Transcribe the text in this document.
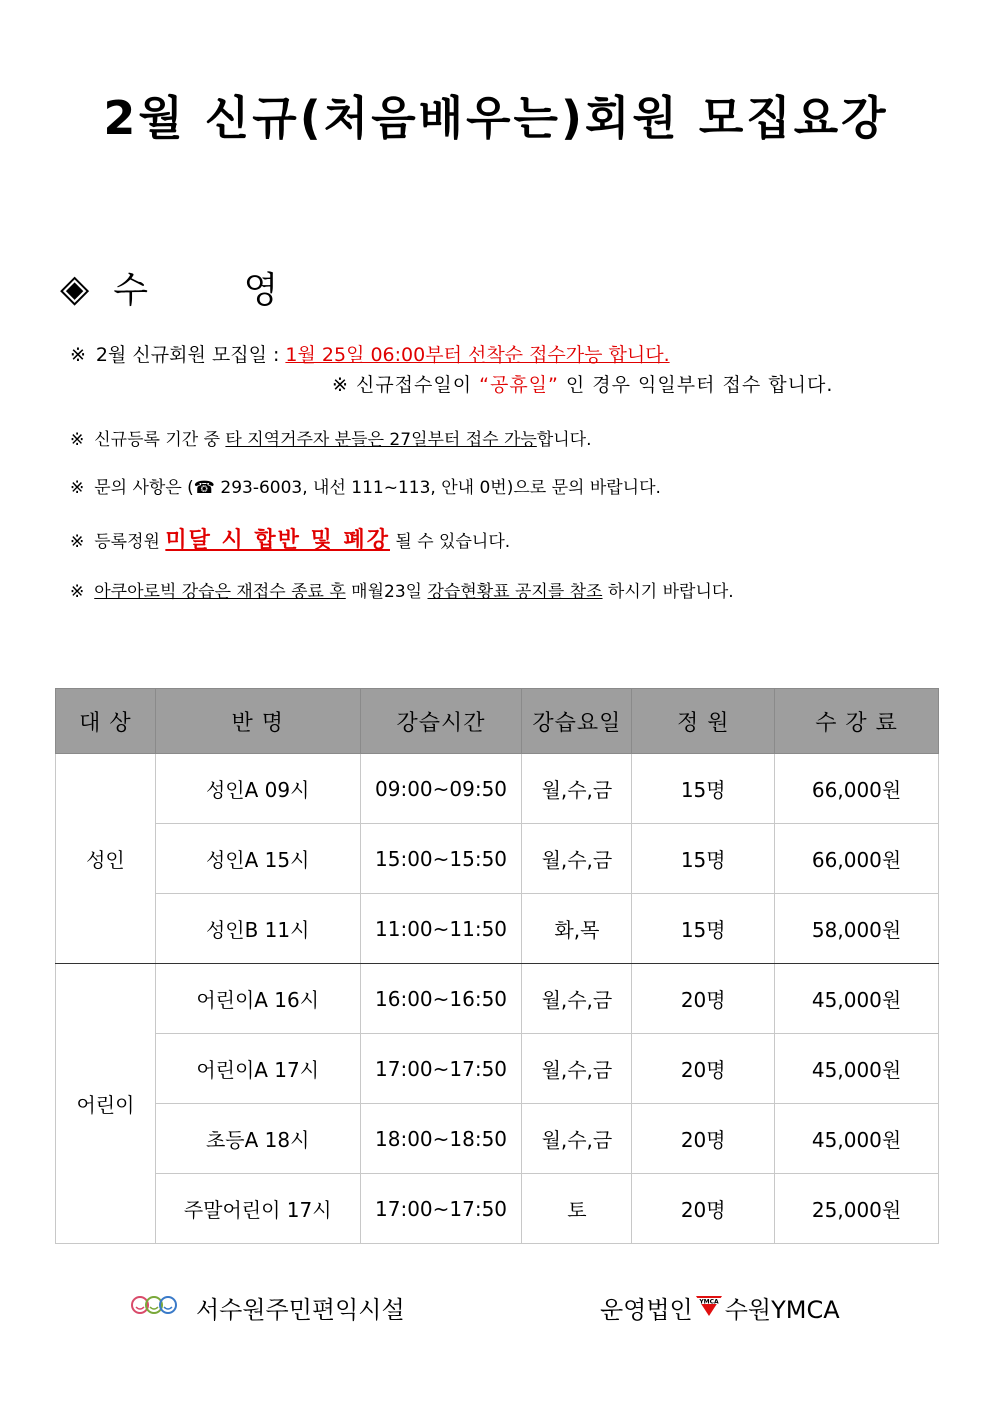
2월 신규(처음배우는)회원 모집요강
◈ 수 영
※ 2월 신규회원 모집일 : 1월 25일 06:00부터 선착순 접수가능 합니다.
※ 신규접수일이 “공휴일” 인 경우 익일부터 접수 합니다.
※ 신규등록 기간 중 타 지역거주자 분들은 27일부터 접수 가능합니다.
※ 문의 사항은 (☎ 293-6003, 내선 111~113, 안내 0번)으로 문의 바랍니다.
※ 등록정원 미달 시 합반 및 폐강 될 수 있습니다.
※ 아쿠아로빅 강습은 재접수 종료 후 매월23일 강습현황표 공지를 참조 하시기 바랍니다.
대 상	반 명	강습시간	강습요일	정 원	수 강 료
성인	성인A 09시	09:00~09:50	월,수,금	15명	66,000원
	성인A 15시	15:00~15:50	월,수,금	15명	66,000원
	성인B 11시	11:00~11:50	화,목	15명	58,000원
어린이	어린이A 16시	16:00~16:50	월,수,금	20명	45,000원
	어린이A 17시	17:00~17:50	월,수,금	20명	45,000원
	초등A 18시	18:00~18:50	월,수,금	20명	45,000원
	주말어린이 17시	17:00~17:50	토	20명	25,000원
서수원주민편익시설	운영법인 YMCA 수원YMCA
